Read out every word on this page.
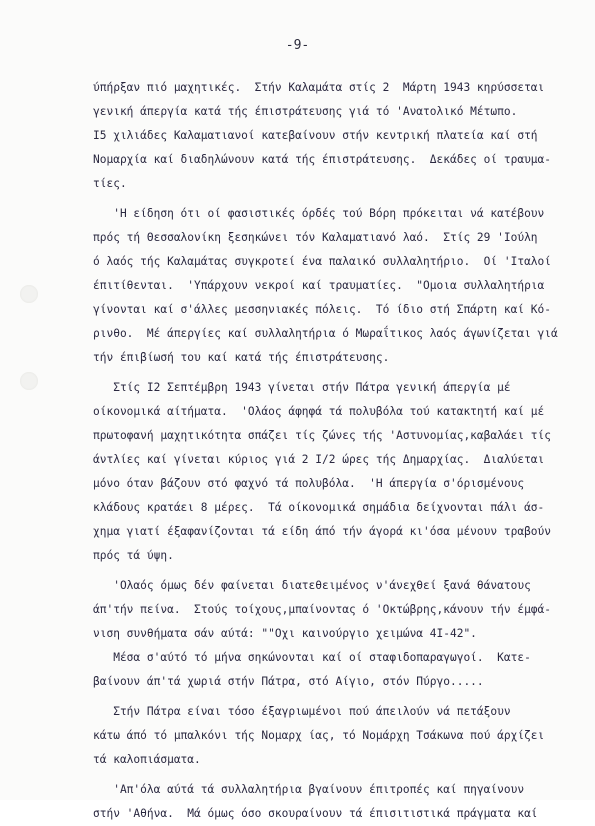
-9-
ύπήρξαν πιό μαχητικές.  Στήν Καλαμάτα στίς 2  Μάρτη 1943 κηρύσσεται
γενική άπεργία κατά τής έπιστράτευσης γιά τό 'Ανατολικό Μέτωπο.
I5 χιλιάδες Καλαματιανοί κατεβαίνουν στήν κεντρική πλατεία καί στή
Νομαρχία καί διαδηλώνουν κατά τής έπιστράτευσης.  Δεκάδες οί τραυμα-
τίες.
'Η είδηση ότι οί φασιστικές όρδές τού Βόρη πρόκειται νά κατέβουν
πρός τή Θεσσαλονίκη ξεσηκώνει τόν Καλαματιανό λαό.  Στίς 29 'Ιούλη
ό λαός τής Καλαμάτας συγκροτεί ένα παλαικό συλλαλητήριο.  Οί 'Ιταλοί
έπιτίθενται.  'Υπάρχουν νεκροί καί τραυματίες.  "Ομοια συλλαλητήρια
γίνονται καί σ'άλλες μεσσηνιακές πόλεις.  Τό ίδιο στή Σπάρτη καί Κό-
ρινθο.  Μέ άπεργίες καί συλλαλητήρια ό Μωραΐτικος λαός άγωνίζεται γιά
τήν έπιβίωσή του καί κατά τής έπιστράτευσης.
Στίς I2 Σεπτέμβρη 1943 γίνεται στήν Πάτρα γενική άπεργία μέ
οίκονομικά αίτήματα.  'Ολάος άφηφά τά πολυβόλα τού κατακτητή καί μέ
πρωτοφανή μαχητικότητα σπάζει τίς ζώνες τής 'Αστυνομίας,καβαλάει τίς
άντλίες καί γίνεται κύριος γιά 2 I/2 ώρες τής Δημαρχίας.  Διαλύεται
μόνο όταν βάζουν στό φαχνό τά πολυβόλα.  'Η άπεργία σ'όρισμένους
κλάδους κρατάει 8 μέρες.  Τά οίκονομικά σημάδια δείχνονται πάλι άσ-
χημα γιατί έξαφανίζονται τά είδη άπό τήν άγορά κι'όσα μένουν τραβούν
πρός τά ύψη.
'Ολαός όμως δέν φαίνεται διατεθειμένος ν'άνεχθεί ξανά θάνατους
άπ'τήν πείνα.  Στούς τοίχους,μπαίνοντας ό 'Οκτώβρης,κάνουν τήν έμφά-
νιση συνθήματα σάν αύτά: ""Οχι καινούργιο χειμώνα 4I-42".
Μέσα σ'αύτό τό μήνα σηκώνονται καί οί σταφιδοπαραγωγοί.  Κατε-
βαίνουν άπ'τά χωριά στήν Πάτρα, στό Αίγιο, στόν Πύργο.....
Στήν Πάτρα είναι τόσο έξαγριωμένοι πού άπειλούν νά πετάξουν
κάτω άπό τό μπαλκόνι τής Νομαρχ ίας, τό Νομάρχη Τσάκωνα πού άρχίζει
τά καλοπιάσματα.
'Απ'όλα αύτά τά συλλαλητήρια βγαίνουν έπιτροπές καί πηγαίνουν
στήν 'Αθήνα.  Μά όμως όσο σκουραίνουν τά έπισιτιστικά πράγματα καί
